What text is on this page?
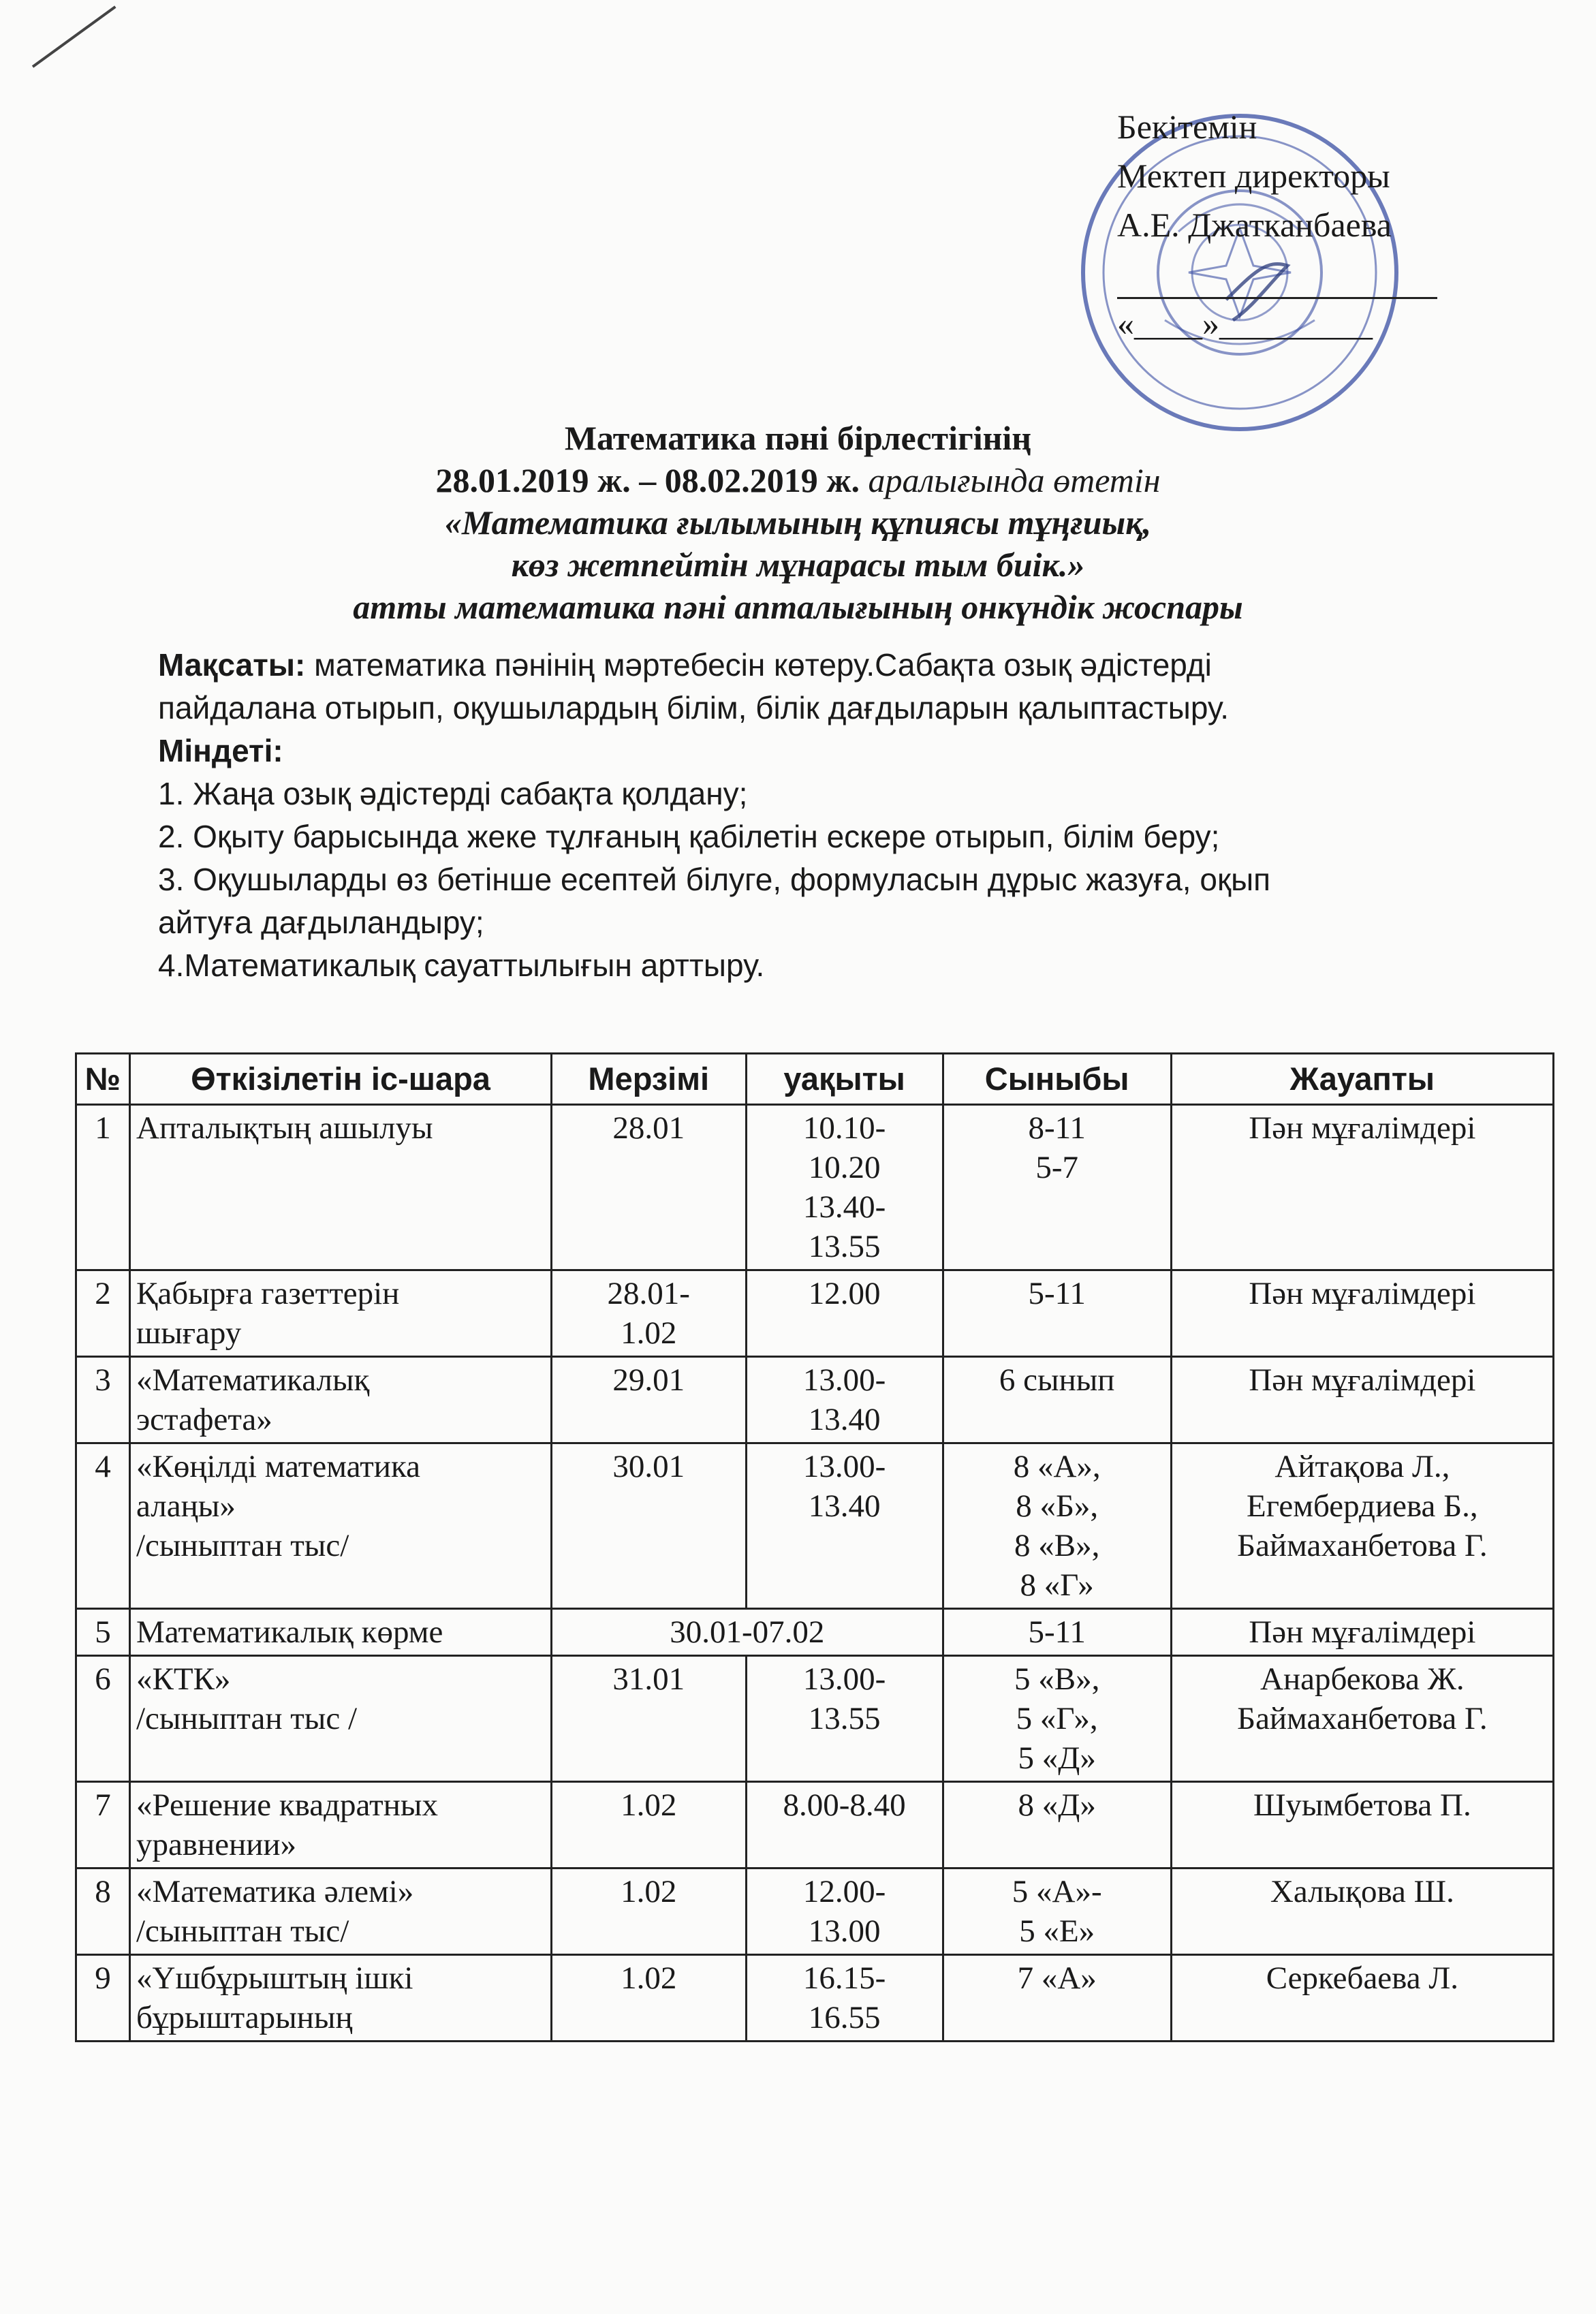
Бекітемін
Мектеп директоры
А.Е. Джатканбаева
«____»_________
Математика пәні бірлестігінің
28.01.2019 ж. – 08.02.2019 ж. аралығында өтетін
«Математика ғылымының құпиясы тұңғиық,
көз жетпейтін мұнарасы тым биік.»
атты математика пәні апталығының онкүндік жоспары

Мақсаты: математика пәнінің мәртебесін көтеру.Сабақта озық әдістерді

пайдалана отырып, оқушылардың білім, білік дағдыларын қалыптастыру.

Міндеті:

1. Жаңа озық әдістерді сабақта қолдану;

2. Оқыту барысында жеке тұлғаның қабілетін ескере отырып, білім беру;

3. Оқушыларды өз бетінше есептей білуге, формуласын дұрыс жазуға, оқып

айтуға дағдыландыру;

4.Математикалық сауаттылығын арттыру.

№	Өткізілетін іс-шара	Мерзімі	уақыты	Сыныбы	Жауапты
1	Апталықтың ашылуы	28.01	10.10-
10.20
13.40-
13.55	8-11
5-7	Пән мұғалімдері

2	Қабырға газеттерін
шығару	28.01-
1.02	12.00	5-11	Пән мұғалімдері

3	«Математикалық
эстафета»	29.01	13.00-
13.40	6 сынып	Пән мұғалімдері

4	«Көңілді математика
алаңы»
/сыныптан тыс/	30.01	13.00-
13.40	8 «А»,
8 «Б»,
8 «В»,
8 «Г»	Айтақова Л.,
Егембердиева Б.,
Баймаханбетова Г.

5	Математикалық көрме	30.01-07.02		5-11	Пән мұғалімдері

6	«КТК»
/сыныптан тыс /	31.01	13.00-
13.55	5 «В»,
5 «Г»,
5 «Д»	Анарбекова Ж.
Баймаханбетова Г.

7	«Решение квадратных
уравнении»	1.02	8.00-8.40	8 «Д»	Шуымбетова П.

8	«Математика әлемі»
/сыныптан тыс/	1.02	12.00-
13.00	5 «А»-
5 «Е»	Халықова Ш.

9	«Үшбұрыштың ішкі
бұрыштарының	1.02	16.15-
16.55	7 «А»	Серкебаева Л.
